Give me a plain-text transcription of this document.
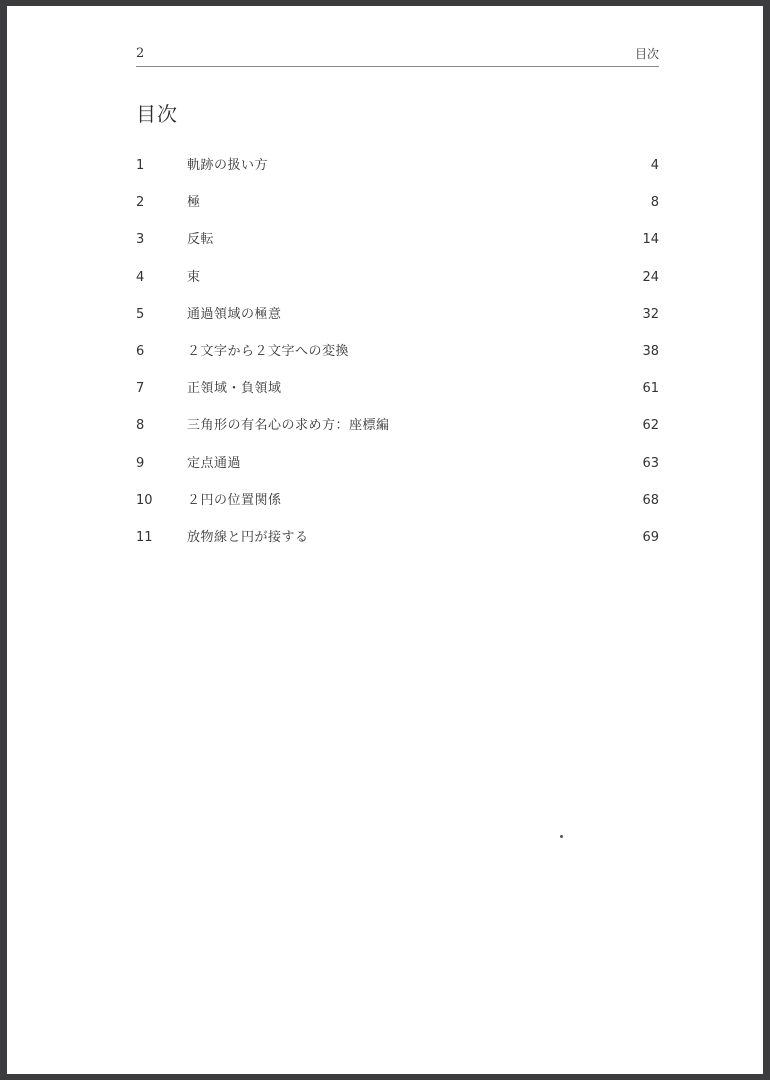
2	目次
目次
1	軌跡の扱い方	4
2	極	8
3	反転	14
4	束	24
5	通過領域の極意	32
6	２文字から２文字への変換	38
7	正領域・負領域	61
8	三角形の有名心の求め方：座標編	62
9	定点通過	63
10	２円の位置関係	68
11	放物線と円が接する	69
